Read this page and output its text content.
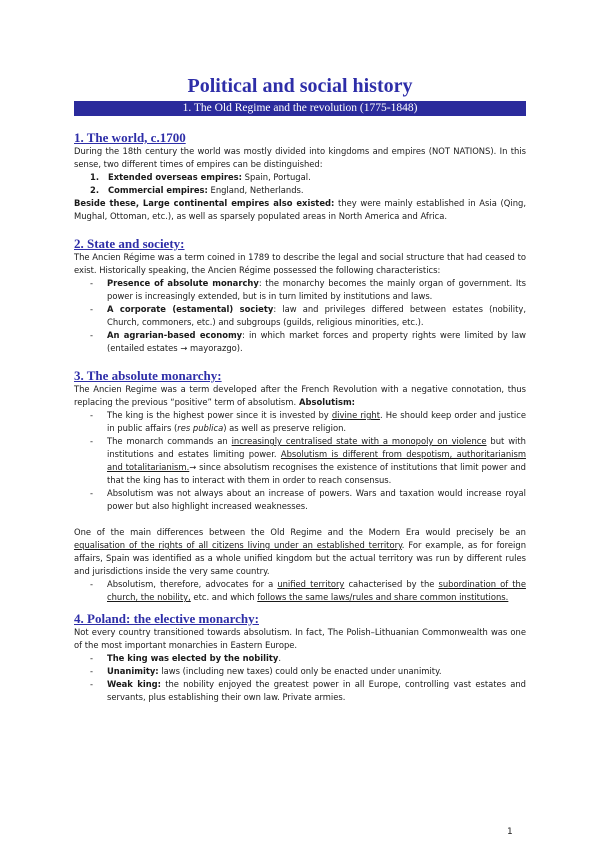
Political and social history
1. The Old Regime and the revolution (1775-1848)
1. The world, c.1700

During the 18th century the world was mostly divided into kingdoms and empires (NOT NATIONS). In this sense, two different times of empires can be distinguished:

1. Extended overseas empires: Spain, Portugal.
2. Commercial empires: England, Netherlands.

Beside these, Large continental empires also existed: they were mainly established in Asia (Qing, Mughal, Ottoman, etc.), as well as sparsely populated areas in North America and Africa.

2. State and society:

The Ancien Régime was a term coined in 1789 to describe the legal and social structure that had ceased to exist. Historically speaking, the Ancien Régime possessed the following characteristics:

- Presence of absolute monarchy: the monarchy becomes the mainly organ of government. Its power is increasingly extended, but is in turn limited by institutions and laws.
- A corporate (estamental) society: law and privileges differed between estates (nobility, Church, commoners, etc.) and subgroups (guilds, religious minorities, etc.).
- An agrarian-based economy: in which market forces and property rights were limited by law (entailed estates → mayorazgo).
3. The absolute monarchy:

The Ancien Regime was a term developed after the French Revolution with a negative connotation, thus replacing the previous “positive” term of absolutism. Absolutism:

- The king is the highest power since it is invested by divine right. He should keep order and justice in public affairs (res publica) as well as preserve religion.
- The monarch commands an increasingly centralised state with a monopoly on violence but with institutions and estates limiting power. Absolutism is different from despotism, authoritarianism and totalitarianism.→ since absolutism recognises the existence of institutions that limit power and that the king has to interact with them in order to reach consensus.
- Absolutism was not always about an increase of powers. Wars and taxation would increase royal power but also highlight increased weaknesses.

One of the main differences between the Old Regime and the Modern Era would precisely be an equalisation of the rights of all citizens living under an established territory. For example, as for foreign affairs, Spain was identified as a whole unified kingdom but the actual territory was run by different rules and jurisdictions inside the very same country.

- Absolutism, therefore, advocates for a unified territory cahacterised by the subordination of the church, the nobility, etc. and which follows the same laws/rules and share common institutions.
4. Poland: the elective monarchy:

Not every country transitioned towards absolutism. In fact, The Polish–Lithuanian Commonwealth was one of the most important monarchies in Eastern Europe.

- The king was elected by the nobility.
- Unanimity: laws (including new taxes) could only be enacted under unanimity.
- Weak king: the nobility enjoyed the greatest power in all Europe, controlling vast estates and servants, plus establishing their own law. Private armies.
1
